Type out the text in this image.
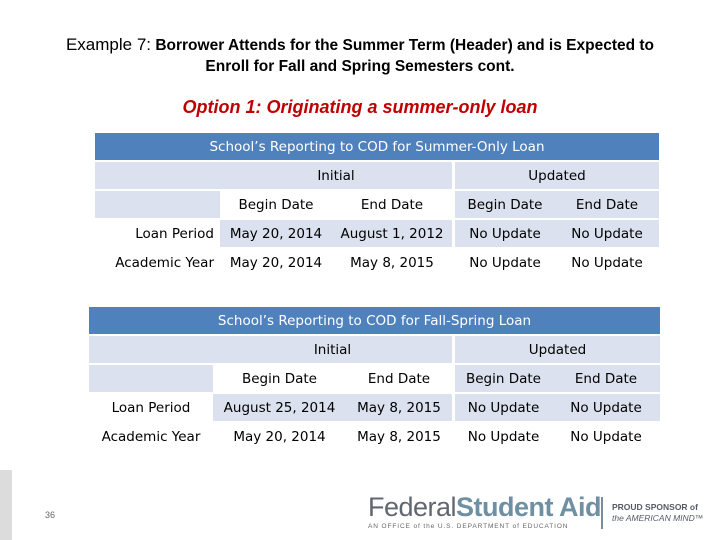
Example 7: Borrower Attends for the Summer Term (Header) and is Expected to
Enroll for Fall and Spring Semesters cont.
Option 1: Originating a summer-only loan
School’s Reporting to COD for Summer-Only Loan				
	Initial		Updated	
	Begin Date	End Date	Begin Date	End Date
Loan Period	May 20, 2014	August 1, 2012	No Update	No Update
Academic Year	May 20, 2014	May 8, 2015	No Update	No Update
School’s Reporting to COD for Fall-Spring Loan				
	Initial		Updated	
	Begin Date	End Date	Begin Date	End Date
Loan Period	August 25, 2014	May 8, 2015	No Update	No Update
Academic Year	May 20, 2014	May 8, 2015	No Update	No Update
36	FederalStudent Aid
AN OFFICE of the U.S. DEPARTMENT of EDUCATION
PROUD SPONSOR of
the AMERICAN MIND™
